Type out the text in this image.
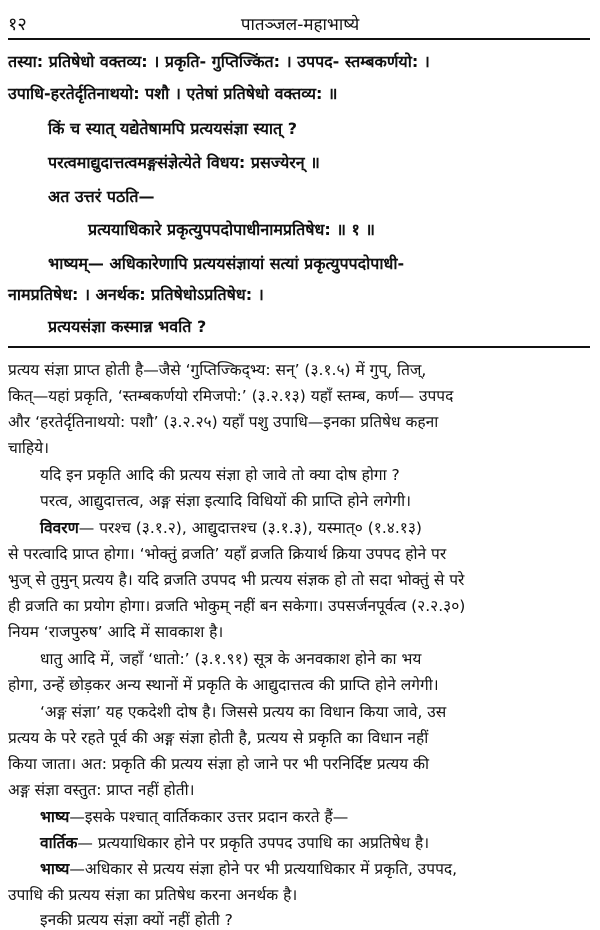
१२	पातञ्जल-महाभाष्ये
तस्या: प्रतिषेधो वक्तव्य: । प्रकृति- गुप्तिज्किंत: । उपपद- स्तम्बकर्णयो: ।
उपाधि-हरतेर्दृतिनाथयो: पशौ । एतेषां प्रतिषेधो वक्तव्य: ॥
किं च स्यात् यद्येतेषामपि प्रत्ययसंज्ञा स्यात् ?
परत्वमाद्युदात्तत्वमङ्गसंज्ञेत्येते विधय: प्रसज्येरन् ॥
अत उत्तरं पठति—
प्रत्ययाधिकारे प्रकृत्युपपदोपाधीनामप्रतिषेध: ॥ १ ॥
भाष्यम्— अधिकारेणापि प्रत्ययसंज्ञायां सत्यां प्रकृत्युपपदोपाधी-
नामप्रतिषेध: । अनर्थक: प्रतिषेधोऽप्रतिषेध: ।
प्रत्ययसंज्ञा कस्मान्न भवति ?
प्रत्यय संज्ञा प्राप्त होती है—जैसे ‘गुप्तिज्किद्भ्य: सन्’ (३.१.५) में गुप्, तिज्,
कित्—यहां प्रकृति, ‘स्तम्बकर्णयो रमिजपो:’ (३.२.१३) यहाँ स्तम्ब, कर्ण— उपपद
और ‘हरतेर्दृतिनाथयो: पशौ’ (३.२.२५) यहाँ पशु उपाधि—इनका प्रतिषेध कहना
चाहिये।
यदि इन प्रकृति आदि की प्रत्यय संज्ञा हो जावे तो क्या दोष होगा ?
परत्व, आद्युदात्तत्व, अङ्ग संज्ञा इत्यादि विधियों की प्राप्ति होने लगेगी।
विवरण— परश्च (३.१.२), आद्युदात्तश्च (३.१.३), यस्मात्० (१.४.१३)
से परत्वादि प्राप्त होगा। ‘भोक्तुं व्रजति’ यहाँ व्रजति क्रियार्थ क्रिया उपपद होने पर
भुज् से तुमुन् प्रत्यय है। यदि व्रजति उपपद भी प्रत्यय संज्ञक हो तो सदा भोक्तुं से परे
ही व्रजति का प्रयोग होगा। व्रजति भोकुम् नहीं बन सकेगा। उपसर्जनपूर्वत्व (२.२.३०)
नियम ‘राजपुरुष’ आदि में सावकाश है।
धातु आदि में, जहाँ ‘धातो:’ (३.१.९१) सूत्र के अनवकाश होने का भय
होगा, उन्हें छोड़कर अन्य स्थानों में प्रकृति के आद्युदात्तत्व की प्राप्ति होने लगेगी।
‘अङ्ग संज्ञा’ यह एकदेशी दोष है। जिससे प्रत्यय का विधान किया जावे, उस
प्रत्यय के परे रहते पूर्व की अङ्ग संज्ञा होती है, प्रत्यय से प्रकृति का विधान नहीं
किया जाता। अत: प्रकृति की प्रत्यय संज्ञा हो जाने पर भी परनिर्दिष्ट प्रत्यय की
अङ्ग संज्ञा वस्तुत: प्राप्त नहीं होती।
भाष्य—इसके पश्चात् वार्तिककार उत्तर प्रदान करते हैं—
वार्तिक— प्रत्ययाधिकार होने पर प्रकृति उपपद उपाधि का अप्रतिषेध है।
भाष्य—अधिकार से प्रत्यय संज्ञा होने पर भी प्रत्ययाधिकार में प्रकृति, उपपद,
उपाधि की प्रत्यय संज्ञा का प्रतिषेध करना अनर्थक है।
इनकी प्रत्यय संज्ञा क्यों नहीं होती ?
